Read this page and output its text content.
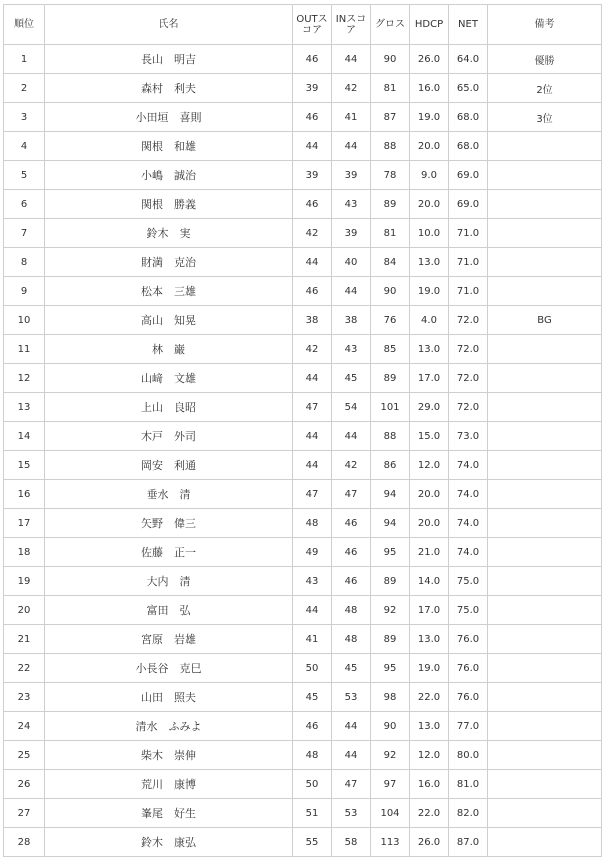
順位	氏名	OUTスコア	INスコア	グロス	HDCP	NET	備考
1	長山　明吉	46	44	90	26.0	64.0	優勝
2	森村　利夫	39	42	81	16.0	65.0	2位
3	小田垣　喜則	46	41	87	19.0	68.0	3位
4	関根　和雄	44	44	88	20.0	68.0	
5	小嶋　誠治	39	39	78	9.0	69.0	
6	関根　勝義	46	43	89	20.0	69.0	
7	鈴木　実	42	39	81	10.0	71.0	
8	財満　克治	44	40	84	13.0	71.0	
9	松本　三雄	46	44	90	19.0	71.0	
10	高山　知晃	38	38	76	4.0	72.0	BG
11	林　巌	42	43	85	13.0	72.0	
12	山﨑　文雄	44	45	89	17.0	72.0	
13	上山　良昭	47	54	101	29.0	72.0	
14	木戸　外司	44	44	88	15.0	73.0	
15	岡安　利通	44	42	86	12.0	74.0	
16	垂水　清	47	47	94	20.0	74.0	
17	矢野　偉三	48	46	94	20.0	74.0	
18	佐藤　正一	49	46	95	21.0	74.0	
19	大内　清	43	46	89	14.0	75.0	
20	富田　弘	44	48	92	17.0	75.0	
21	宮原　岩雄	41	48	89	13.0	76.0	
22	小長谷　克巳	50	45	95	19.0	76.0	
23	山田　照夫	45	53	98	22.0	76.0	
24	清水　ふみよ	46	44	90	13.0	77.0	
25	柴木　崇伸	48	44	92	12.0	80.0	
26	荒川　康博	50	47	97	16.0	81.0	
27	峯尾　好生	51	53	104	22.0	82.0	
28	鈴木　康弘	55	58	113	26.0	87.0	
